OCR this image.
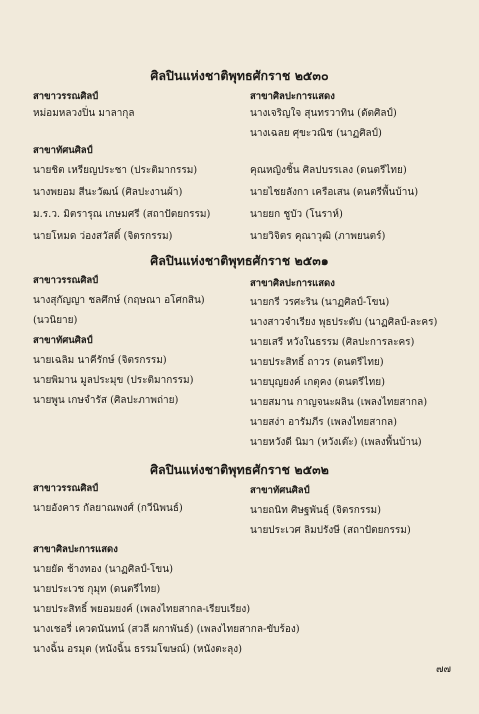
ศิลปินแห่งชาติพุทธศักราช ๒๕๓๐
สาขาวรรณศิลป์
หม่อมหลวงปิ่น มาลากุล
สาขาทัศนศิลป์
นายชิต เหรียญประชา (ประติมากรรม)
นางพยอม สีนะวัฒน์ (ศิลปะงานผ้า)
ม.ร.ว. มิตรารุณ เกษมศรี (สถาปัตยกรรม)
นายโหมด ว่องสวัสดิ์ (จิตรกรรม)
สาขาศิลปะการแสดง
นางเจริญใจ สุนทรวาทิน (ดัตศิลป์)
นางเฉลย ศุขะวณิช (นาฏศิลป์)
คุณหญิงชิ้น ศิลปบรรเลง (ดนตรีไทย)
นายไชยลังกา เครือเสน (ดนตรีพื้นบ้าน)
นายยก ชูบัว (โนราห์)
นายวิจิตร คุณาวุฒิ (ภาพยนตร์)
ศิลปินแห่งชาติพุทธศักราช ๒๕๓๑
สาขาวรรณศิลป์
นางสุกัญญา ชลศึกษ์ (กฤษณา อโศกสิน)
(นวนิยาย)
สาขาทัศนศิลป์
นายเฉลิม นาคีรักษ์ (จิตรกรรม)
นายพิมาน มูลประมุข (ประติมากรรม)
นายพูน เกษจำรัส (ศิลปะภาพถ่าย)
สาขาศิลปะการแสดง
นายกรี วรศะริน (นาฏศิลป์-โขน)
นางสาวจำเรียง พุธประดับ (นาฏศิลป์-ละคร)
นายเสรี หวังในธรรม (ศิลปะการละคร)
นายประสิทธิ์ ถาวร (ดนตรีไทย)
นายบุญยงค์ เกตุคง (ดนตรีไทย)
นายสมาน กาญจนะผลิน (เพลงไทยสากล)
นายสง่า อารัมภีร (เพลงไทยสากล)
นายหวังดี นิมา (หวังเต๊ะ) (เพลงพื้นบ้าน)
ศิลปินแห่งชาติพุทธศักราช ๒๕๓๒
สาขาวรรณศิลป์
นายอังคาร กัลยาณพงศ์ (กวีนิพนธ์)
สาขาทัศนศิลป์
นายถนิท ศิษฐพันธุ์ (จิตรกรรม)
นายประเวศ ลิมปรังษี (สถาปัตยกรรม)
สาขาศิลปะการแสดง
นายยัด ช้างทอง (นาฏศิลป์-โขน)
นายประเวช กุมุท (ดนตรีไทย)
นายประสิทธิ์ พยอมยงค์ (เพลงไทยสากล-เรียบเรียง)
นางเชอรี่ เควดนันทน์ (สวลี ผกาพันธ์) (เพลงไทยสากล-ขับร้อง)
นางฉิ้น อรมุต (หนังฉิ้น ธรรมโฆษณ์) (หนังตะลุง)
๗๗
